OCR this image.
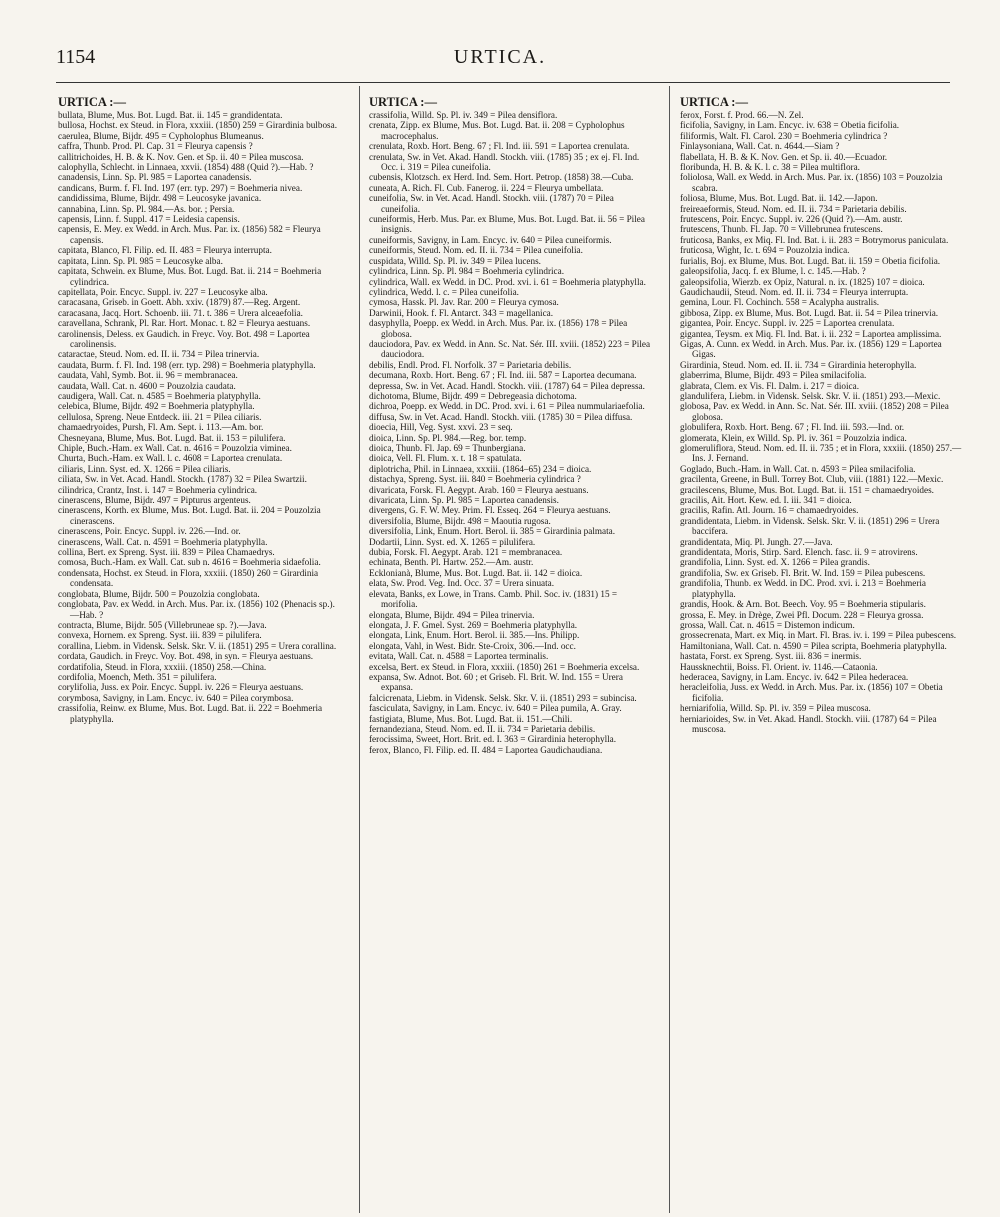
1154	URTICA.
URTICA :—

bullata, Blume, Mus. Bot. Lugd. Bat. ii. 145 = grandidentata.

bullosa, Hochst. ex Steud. in Flora, xxxiii. (1850) 259 = Girardinia bulbosa.

caerulea, Blume, Bijdr. 495 = Cypholophus Blumeanus.

caffra, Thunb. Prod. Pl. Cap. 31 = Fleurya capensis ?

callitrichoides, H. B. & K. Nov. Gen. et Sp. ii. 40 = Pilea muscosa.

calophylla, Schlecht. in Linnaea, xxvii. (1854) 488 (Quid ?).—Hab. ?

canadensis, Linn. Sp. Pl. 985 = Laportea canadensis.

candicans, Burm. f. Fl. Ind. 197 (err. typ. 297) = Boehmeria nivea.

candidissima, Blume, Bijdr. 498 = Leucosyke javanica.

cannabina, Linn. Sp. Pl. 984.—As. bor. ; Persia.

capensis, Linn. f. Suppl. 417 = Leidesia capensis.

capensis, E. Mey. ex Wedd. in Arch. Mus. Par. ix. (1856) 582 = Fleurya capensis.

capitata, Blanco, Fl. Filip. ed. II. 483 = Fleurya interrupta.

capitata, Linn. Sp. Pl. 985 = Leucosyke alba.

capitata, Schwein. ex Blume, Mus. Bot. Lugd. Bat. ii. 214 = Boehmeria cylindrica.

capitellata, Poir. Encyc. Suppl. iv. 227 = Leucosyke alba.

caracasana, Griseb. in Goett. Abh. xxiv. (1879) 87.—Reg. Argent.

caracasana, Jacq. Hort. Schoenb. iii. 71. t. 386 = Urera alceaefolia.

caravellana, Schrank, Pl. Rar. Hort. Monac. t. 82 = Fleurya aestuans.

carolinensis, Deless. ex Gaudich. in Freyc. Voy. Bot. 498 = Laportea carolinensis.

cataractae, Steud. Nom. ed. II. ii. 734 = Pilea trinervia.

caudata, Burm. f. Fl. Ind. 198 (err. typ. 298) = Boehmeria platyphylla.

caudata, Vahl, Symb. Bot. ii. 96 = membranacea.

caudata, Wall. Cat. n. 4600 = Pouzolzia caudata.

caudigera, Wall. Cat. n. 4585 = Boehmeria platyphylla.

celebica, Blume, Bijdr. 492 = Boehmeria platyphylla.

cellulosa, Spreng. Neue Entdeck. iii. 21 = Pilea ciliaris.

chamaedryoides, Pursh, Fl. Am. Sept. i. 113.—Am. bor.

Chesneyana, Blume, Mus. Bot. Lugd. Bat. ii. 153 = pilulifera.

Chiple, Buch.-Ham. ex Wall. Cat. n. 4616 = Pouzolzia viminea.

Churta, Buch.-Ham. ex Wall. l. c. 4608 = Laportea crenulata.

ciliaris, Linn. Syst. ed. X. 1266 = Pilea ciliaris.

ciliata, Sw. in Vet. Acad. Handl. Stockh. (1787) 32 = Pilea Swartzii.

cilindrica, Crantz, Inst. i. 147 = Boehmeria cylindrica.

cinerascens, Blume, Bijdr. 497 = Pipturus argenteus.

cinerascens, Korth. ex Blume, Mus. Bot. Lugd. Bat. ii. 204 = Pouzolzia cinerascens.

cinerascens, Poir. Encyc. Suppl. iv. 226.—Ind. or.

cinerascens, Wall. Cat. n. 4591 = Boehmeria platyphylla.

collina, Bert. ex Spreng. Syst. iii. 839 = Pilea Chamaedrys.

comosa, Buch.-Ham. ex Wall. Cat. sub n. 4616 = Boehmeria sidaefolia.

condensata, Hochst. ex Steud. in Flora, xxxiii. (1850) 260 = Girardinia condensata.

conglobata, Blume, Bijdr. 500 = Pouzolzia conglobata.

conglobata, Pav. ex Wedd. in Arch. Mus. Par. ix. (1856) 102 (Phenacis sp.).—Hab. ?

contracta, Blume, Bijdr. 505 (Villebruneae sp. ?).—Java.

convexa, Hornem. ex Spreng. Syst. iii. 839 = pilulifera.

corallina, Liebm. in Vidensk. Selsk. Skr. V. ii. (1851) 295 = Urera corallina.

cordata, Gaudich. in Freyc. Voy. Bot. 498, in syn. = Fleurya aestuans.

cordatifolia, Steud. in Flora, xxxiii. (1850) 258.—China.

cordifolia, Moench, Meth. 351 = pilulifera.

corylifolia, Juss. ex Poir. Encyc. Suppl. iv. 226 = Fleurya aestuans.

corymbosa, Savigny, in Lam. Encyc. iv. 640 = Pilea corymbosa.

crassifolia, Reinw. ex Blume, Mus. Bot. Lugd. Bat. ii. 222 = Boehmeria platyphylla.

URTICA :—

crassifolia, Willd. Sp. Pl. iv. 349 = Pilea densiflora.

crenata, Zipp. ex Blume, Mus. Bot. Lugd. Bat. ii. 208 = Cypholophus macrocephalus.

crenulata, Roxb. Hort. Beng. 67 ; Fl. Ind. iii. 591 = Laportea crenulata.

crenulata, Sw. in Vet. Akad. Handl. Stockh. viii. (1785) 35 ; ex ej. Fl. Ind. Occ. i. 319 = Pilea cuneifolia.

cubensis, Klotzsch. ex Herd. Ind. Sem. Hort. Petrop. (1858) 38.—Cuba.

cuneata, A. Rich. Fl. Cub. Fanerog. ii. 224 = Fleurya umbellata.

cuneifolia, Sw. in Vet. Acad. Handl. Stockh. viii. (1787) 70 = Pilea cuneifolia.

cuneiformis, Herb. Mus. Par. ex Blume, Mus. Bot. Lugd. Bat. ii. 56 = Pilea insignis.

cuneiformis, Savigny, in Lam. Encyc. iv. 640 = Pilea cuneiformis.

cuneiformis, Steud. Nom. ed. II. ii. 734 = Pilea cuneifolia.

cuspidata, Willd. Sp. Pl. iv. 349 = Pilea lucens.

cylindrica, Linn. Sp. Pl. 984 = Boehmeria cylindrica.

cylindrica, Wall. ex Wedd. in DC. Prod. xvi. i. 61 = Boehmeria platyphylla.

cylindrica, Wedd. l. c. = Pilea cuneifolia.

cymosa, Hassk. Pl. Jav. Rar. 200 = Fleurya cymosa.

Darwinii, Hook. f. Fl. Antarct. 343 = magellanica.

dasyphylla, Poepp. ex Wedd. in Arch. Mus. Par. ix. (1856) 178 = Pilea globosa.

dauciodora, Pav. ex Wedd. in Ann. Sc. Nat. Sér. III. xviii. (1852) 223 = Pilea dauciodora.

debilis, Endl. Prod. Fl. Norfolk. 37 = Parietaria debilis.

decumana, Roxb. Hort. Beng. 67 ; Fl. Ind. iii. 587 = Laportea decumana.

depressa, Sw. in Vet. Acad. Handl. Stockh. viii. (1787) 64 = Pilea depressa.

dichotoma, Blume, Bijdr. 499 = Debregeasia dichotoma.

dichroa, Poepp. ex Wedd. in DC. Prod. xvi. i. 61 = Pilea nummulariaefolia.

diffusa, Sw. in Vet. Acad. Handl. Stockh. viii. (1785) 30 = Pilea diffusa.

dioecia, Hill, Veg. Syst. xxvi. 23 = seq.

dioica, Linn. Sp. Pl. 984.—Reg. bor. temp.

dioica, Thunb. Fl. Jap. 69 = Thunbergiana.

dioica, Vell. Fl. Flum. x. t. 18 = spatulata.

diplotricha, Phil. in Linnaea, xxxiii. (1864–65) 234 = dioica.

distachya, Spreng. Syst. iii. 840 = Boehmeria cylindrica ?

divaricata, Forsk. Fl. Aegypt. Arab. 160 = Fleurya aestuans.

divaricata, Linn. Sp. Pl. 985 = Laportea canadensis.

divergens, G. F. W. Mey. Prim. Fl. Esseq. 264 = Fleurya aestuans.

diversifolia, Blume, Bijdr. 498 = Maoutia rugosa.

diversifolia, Link, Enum. Hort. Berol. ii. 385 = Girardinia palmata.

Dodartii, Linn. Syst. ed. X. 1265 = pilulifera.

dubia, Forsk. Fl. Aegypt. Arab. 121 = membranacea.

echinata, Benth. Pl. Hartw. 252.—Am. austr.

Ecklonianà, Blume, Mus. Bot. Lugd. Bat. ii. 142 = dioica.

elata, Sw. Prod. Veg. Ind. Occ. 37 = Urera sinuata.

elevata, Banks, ex Lowe, in Trans. Camb. Phil. Soc. iv. (1831) 15 = morifolia.

elongata, Blume, Bijdr. 494 = Pilea trinervia.

elongata, J. F. Gmel. Syst. 269 = Boehmeria platyphylla.

elongata, Link, Enum. Hort. Berol. ii. 385.—Ins. Philipp.

elongata, Vahl, in West. Bidr. Ste-Croix, 306.—Ind. occ.

evitata, Wall. Cat. n. 4588 = Laportea terminalis.

excelsa, Bert. ex Steud. in Flora, xxxiii. (1850) 261 = Boehmeria excelsa.

expansa, Sw. Adnot. Bot. 60 ; et Griseb. Fl. Brit. W. Ind. 155 = Urera expansa.

falcicrenata, Liebm. in Vidensk. Selsk. Skr. V. ii. (1851) 293 = subincisa.

fasciculata, Savigny, in Lam. Encyc. iv. 640 = Pilea pumila, A. Gray.

fastigiata, Blume, Mus. Bot. Lugd. Bat. ii. 151.—Chili.

fernandeziana, Steud. Nom. ed. II. ii. 734 = Parietaria debilis.

ferocissima, Sweet, Hort. Brit. ed. I. 363 = Girardinia heterophylla.

ferox, Blanco, Fl. Filip. ed. II. 484 = Laportea Gaudichaudiana.

URTICA :—

ferox, Forst. f. Prod. 66.—N. Zel.

ficifolia, Savigny, in Lam. Encyc. iv. 638 = Obetia ficifolia.

filiformis, Walt. Fl. Carol. 230 = Boehmeria cylindrica ?

Finlaysoniana, Wall. Cat. n. 4644.—Siam ?

flabellata, H. B. & K. Nov. Gen. et Sp. ii. 40.—Ecuador.

floribunda, H. B. & K. l. c. 38 = Pilea multiflora.

foliolosa, Wall. ex Wedd. in Arch. Mus. Par. ix. (1856) 103 = Pouzolzia scabra.

foliosa, Blume, Mus. Bot. Lugd. Bat. ii. 142.—Japon.

freireaeformis, Steud. Nom. ed. II. ii. 734 = Parietaria debilis.

frutescens, Poir. Encyc. Suppl. iv. 226 (Quid ?).—Am. austr.

frutescens, Thunb. Fl. Jap. 70 = Villebrunea frutescens.

fruticosa, Banks, ex Miq. Fl. Ind. Bat. i. ii. 283 = Botrymorus paniculata.

fruticosa, Wight, Ic. t. 694 = Pouzolzia indica.

furialis, Boj. ex Blume, Mus. Bot. Lugd. Bat. ii. 159 = Obetia ficifolia.

galeopsifolia, Jacq. f. ex Blume, l. c. 145.—Hab. ?

galeopsifolia, Wierzb. ex Opiz, Natural. n. ix. (1825) 107 = dioica.

Gaudichaudii, Steud. Nom. ed. II. ii. 734 = Fleurya interrupta.

gemina, Lour. Fl. Cochinch. 558 = Acalypha australis.

gibbosa, Zipp. ex Blume, Mus. Bot. Lugd. Bat. ii. 54 = Pilea trinervia.

gigantea, Poir. Encyc. Suppl. iv. 225 = Laportea crenulata.

gigantea, Teysm. ex Miq. Fl. Ind. Bat. i. ii. 232 = Laportea amplissima.

Gigas, A. Cunn. ex Wedd. in Arch. Mus. Par. ix. (1856) 129 = Laportea Gigas.

Girardinia, Steud. Nom. ed. II. ii. 734 = Girardinia heterophylla.

glaberrima, Blume, Bijdr. 493 = Pilea smilacifolia.

glabrata, Clem. ex Vis. Fl. Dalm. i. 217 = dioica.

glandulifera, Liebm. in Vidensk. Selsk. Skr. V. ii. (1851) 293.—Mexic.

globosa, Pav. ex Wedd. in Ann. Sc. Nat. Sér. III. xviii. (1852) 208 = Pilea globosa.

globulifera, Roxb. Hort. Beng. 67 ; Fl. Ind. iii. 593.—Ind. or.

glomerata, Klein, ex Willd. Sp. Pl. iv. 361 = Pouzolzia indica.

glomeruliflora, Steud. Nom. ed. II. ii. 735 ; et in Flora, xxxiii. (1850) 257.—Ins. J. Fernand.

Goglado, Buch.-Ham. in Wall. Cat. n. 4593 = Pilea smilacifolia.

gracilenta, Greene, in Bull. Torrey Bot. Club, viii. (1881) 122.—Mexic.

gracilescens, Blume, Mus. Bot. Lugd. Bat. ii. 151 = chamaedryoides.

gracilis, Ait. Hort. Kew. ed. I. iii. 341 = dioica.

gracilis, Rafin. Atl. Journ. 16 = chamaedryoides.

grandidentata, Liebm. in Vidensk. Selsk. Skr. V. ii. (1851) 296 = Urera baccifera.

grandidentata, Miq. Pl. Jungh. 27.—Java.

grandidentata, Moris, Stirp. Sard. Elench. fasc. ii. 9 = atrovirens.

grandifolia, Linn. Syst. ed. X. 1266 = Pilea grandis.

grandifolia, Sw. ex Griseb. Fl. Brit. W. Ind. 159 = Pilea pubescens.

grandifolia, Thunb. ex Wedd. in DC. Prod. xvi. i. 213 = Boehmeria platyphylla.

grandis, Hook. & Arn. Bot. Beech. Voy. 95 = Boehmeria stipularis.

grossa, E. Mey. in Drège, Zwei Pfl. Docum. 228 = Fleurya grossa.

grossa, Wall. Cat. n. 4615 = Distemon indicum.

grossecrenata, Mart. ex Miq. in Mart. Fl. Bras. iv. i. 199 = Pilea pubescens.

Hamiltoniana, Wall. Cat. n. 4590 = Pilea scripta, Boehmeria platyphylla.

hastata, Forst. ex Spreng. Syst. iii. 836 = inermis.

Haussknechtii, Boiss. Fl. Orient. iv. 1146.—Cataonia.

hederacea, Savigny, in Lam. Encyc. iv. 642 = Pilea hederacea.

heracleifolia, Juss. ex Wedd. in Arch. Mus. Par. ix. (1856) 107 = Obetia ficifolia.

herniarifolia, Willd. Sp. Pl. iv. 359 = Pilea muscosa.

herniarioides, Sw. in Vet. Akad. Handl. Stockh. viii. (1787) 64 = Pilea muscosa.
